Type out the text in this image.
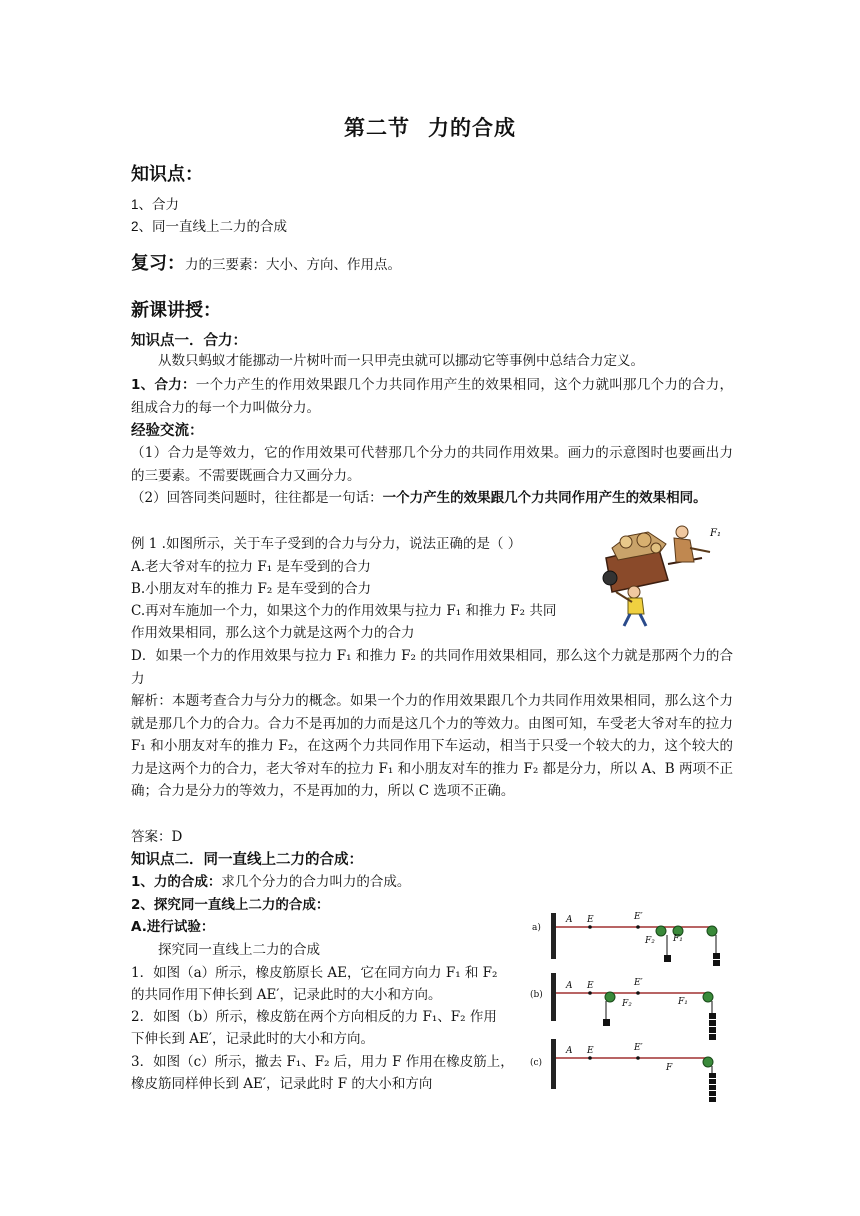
第二节 力的合成
知识点：
1、合力
2、同一直线上二力的合成
复习：力的三要素：大小、方向、作用点。
新课讲授：
知识点一．合力：
从数只蚂蚁才能挪动一片树叶而一只甲壳虫就可以挪动它等事例中总结合力定义。
1、合力：一个力产生的作用效果跟几个力共同作用产生的效果相同，这个力就叫那几个力的合力，组成合力的每一个力叫做分力。
经验交流：
（1）合力是等效力，它的作用效果可代替那几个分力的共同作用效果。画力的示意图时也要画出力的三要素。不需要既画合力又画分力。
（2）回答同类问题时，往往都是一句话：一个力产生的效果跟几个力共同作用产生的效果相同。
例 1 .如图所示，关于车子受到的合力与分力，说法正确的是（ ）
A.老大爷对车的拉力 F₁ 是车受到的合力
B.小朋友对车的推力 F₂ 是车受到的合力
C.再对车施加一个力，如果这个力的作用效果与拉力 F₁ 和推力 F₂ 共同
作用效果相同，那么这个力就是这两个力的合力
D．如果一个力的作用效果与拉力 F₁ 和推力 F₂ 的共同作用效果相同，那么这个力就是那两个力的合力
解析：本题考查合力与分力的概念。如果一个力的作用效果跟几个力共同作用效果相同，那么这个力就是那几个力的合力。合力不是再加的力而是这几个力的等效力。由图可知，车受老大爷对车的拉力 F₁ 和小朋友对车的推力 F₂，在这两个力共同作用下车运动，相当于只受一个较大的力，这个较大的力是这两个力的合力，老大爷对车的拉力 F₁ 和小朋友对车的推力 F₂ 都是分力，所以 A、B 两项不正确；合力是分力的等效力，不是再加的力，所以 C 选项不正确。
答案：D
F₁
知识点二．同一直线上二力的合成：
1、力的合成：求几个分力的合力叫力的合成。
2、探究同一直线上二力的合成：
A.进行试验：
探究同一直线上二力的合成
1．如图（a）所示，橡皮筋原长 AE，它在同方向力 F₁ 和 F₂
的共同作用下伸长到 AE′，记录此时的大小和方向。
2．如图（b）所示，橡皮筋在两个方向相反的力 F₁、F₂ 作用
下伸长到 AE′，记录此时的大小和方向。
3．如图（c）所示，撤去 F₁、F₂ 后，用力 F 作用在橡皮筋上，
橡皮筋同样伸长到 AE′，记录此时 F 的大小和方向
a)
A E	E′
F₂ F₁
(b)
A E	E′
F₂	F₁
(c)
A E	E′
F
